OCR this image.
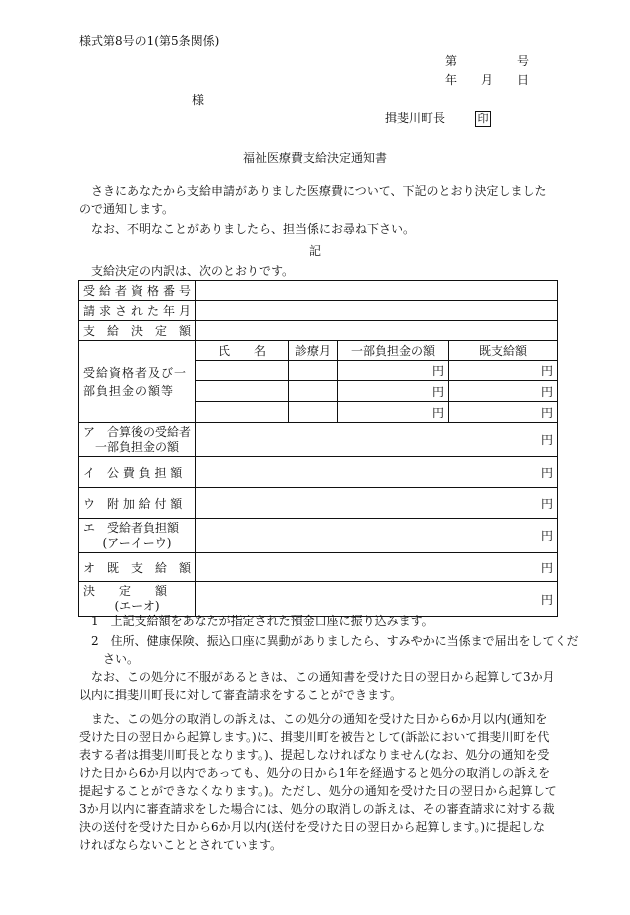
様式第8号の1(第5条関係)
第　　　　　号
年　　月　　日
様
揖斐川町長	印
福祉医療費支給決定通知書
さきにあなたから支給申請がありました医療費について、下記のとおり決定しましたので通知します。
なお、不明なことがありましたら、担当係にお尋ね下さい。
記
支給決定の内訳は、次のとおりです。
受給者資格番号				
請求された年月				
支給決定額				
受給資格者及び一部負担金の額等	氏　　名	診療月	一部負担金の額	既支給額
			円	円
			円	円
			円	円

ア　合算後の受給者
一部負担金の額	円			
イ　公 費 負 担 額	円			
ウ　附 加 給 付 額	円			

エ　受給者負担額
(アーイーウ)	円			
オ　既　支　給　額	円			

決　　定　　額
(エーオ)	円			
1　上記支給額をあなたが指定された預金口座に振り込みます。
2　住所、健康保険、振込口座に異動がありましたら、すみやかに当係まで届出をしてください。
なお、この処分に不服があるときは、この通知書を受けた日の翌日から起算して3か月以内に揖斐川町長に対して審査請求をすることができます。
また、この処分の取消しの訴えは、この処分の通知を受けた日から6か月以内(通知を受けた日の翌日から起算します。)に、揖斐川町を被告として(訴訟において揖斐川町を代表する者は揖斐川町長となります。)、提起しなければなりません(なお、処分の通知を受けた日から6か月以内であっても、処分の日から1年を経過すると処分の取消しの訴えを提起することができなくなります。)。ただし、処分の通知を受けた日の翌日から起算して3か月以内に審査請求をした場合には、処分の取消しの訴えは、その審査請求に対する裁決の送付を受けた日から6か月以内(送付を受けた日の翌日から起算します。)に提起しなければならないこととされています。
